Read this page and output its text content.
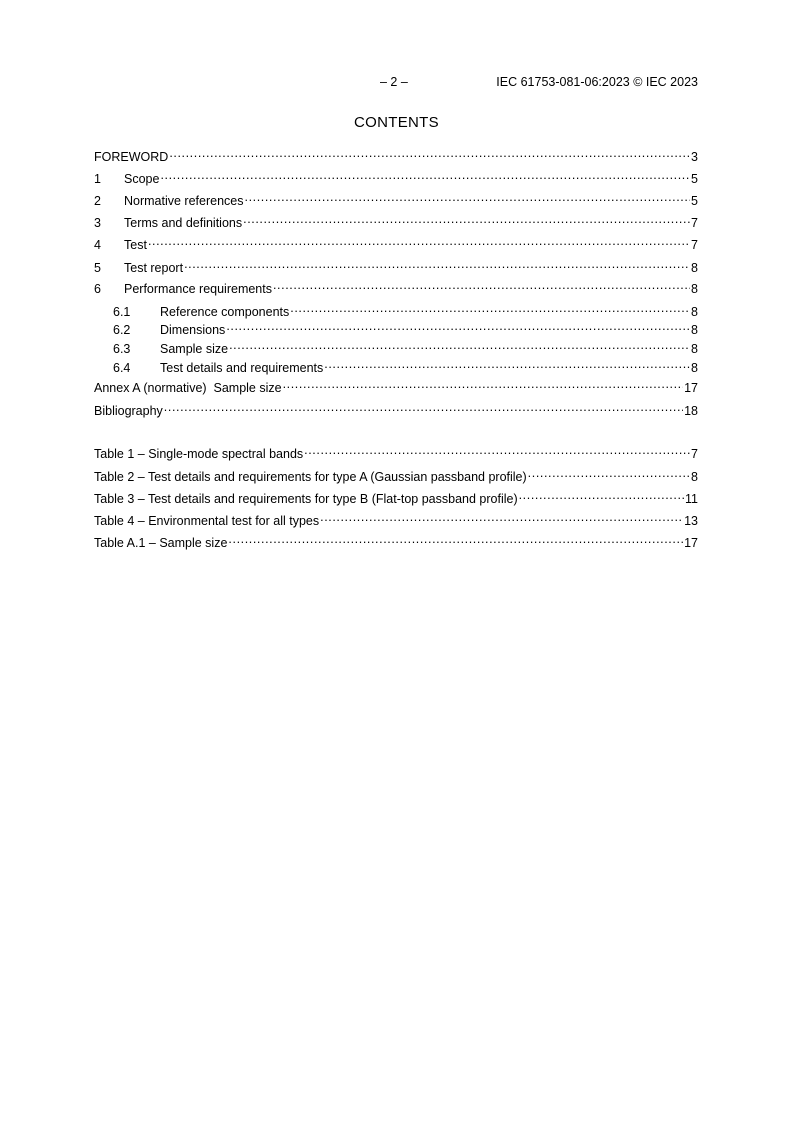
– 2 –	IEC 61753-081-06:2023 © IEC 2023
CONTENTS
FOREWORD .....	3
1	Scope .....	5
2	Normative references .....	5
3	Terms and definitions .....	7
4	Test .....	7
5	Test report .....	8
6	Performance requirements .....	8
6.1	Reference components .....	8
6.2	Dimensions .....	8
6.3	Sample size .....	8
6.4	Test details and requirements .....	8
Annex A (normative)  Sample size .....	17
Bibliography .....	18
Table 1 – Single-mode spectral bands .....	7
Table 2 – Test details and requirements for type A (Gaussian passband profile) .....	8
Table 3 – Test details and requirements for type B (Flat-top passband profile) .....	11
Table 4 – Environmental test for all types .....	13
Table A.1 – Sample size .....	17
